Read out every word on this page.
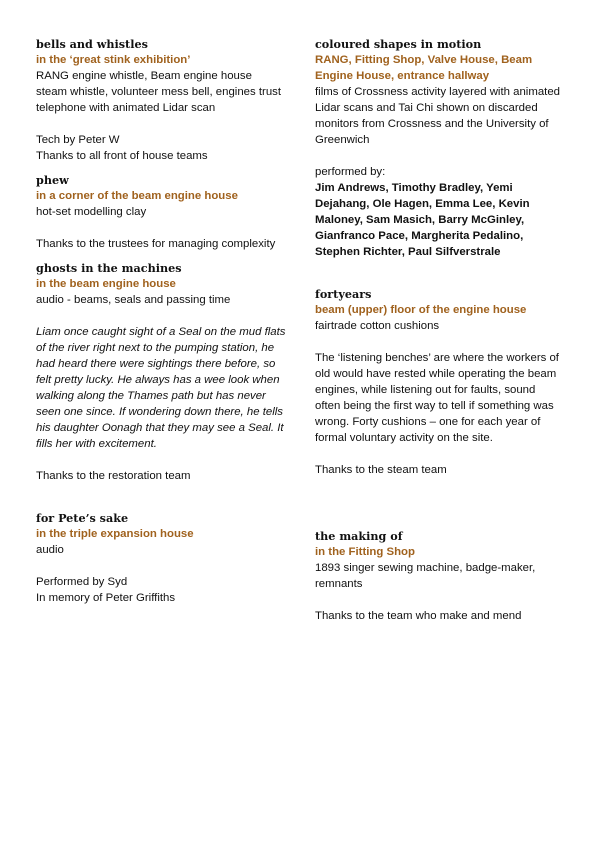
bells and whistles
in the ‘great stink exhibition’
RANG engine whistle, Beam engine house steam whistle, volunteer mess bell, engines trust telephone with animated Lidar scan
Tech by Peter W
Thanks to all front of house teams
phew
in a corner of the beam engine house
hot-set modelling clay
Thanks to the trustees for managing complexity
ghosts in the machines
in the beam engine house
audio - beams, seals and passing time
Liam once caught sight of a Seal on the mud flats of the river right next to the pumping station, he had heard there were sightings there before, so felt pretty lucky. He always has a wee look when walking along the Thames path but has never seen one since. If wondering down there, he tells his daughter Oonagh that they may see a Seal. It fills her with excitement.
Thanks to the restoration team
for Pete’s sake
in the triple expansion house
audio
Performed by Syd
In memory of Peter Griffiths
coloured shapes in motion
RANG, Fitting Shop, Valve House, Beam Engine House, entrance hallway
films of Crossness activity layered with animated Lidar scans and Tai Chi shown on discarded monitors from Crossness and the University of Greenwich
performed by:
Jim Andrews, Timothy Bradley, Yemi Dejahang, Ole Hagen, Emma Lee, Kevin Maloney, Sam Masich, Barry McGinley, Gianfranco Pace, Margherita Pedalino, Stephen Richter, Paul Silfverstrale
fortyears
beam (upper) floor of the engine house
fairtrade cotton cushions
The ‘listening benches’ are where the workers of old would have rested while operating the beam engines, while listening out for faults, sound often being the first way to tell if something was wrong. Forty cushions – one for each year of formal voluntary activity on the site.
Thanks to the steam team
the making of
in the Fitting Shop
1893 singer sewing machine, badge-maker, remnants
Thanks to the team who make and mend
